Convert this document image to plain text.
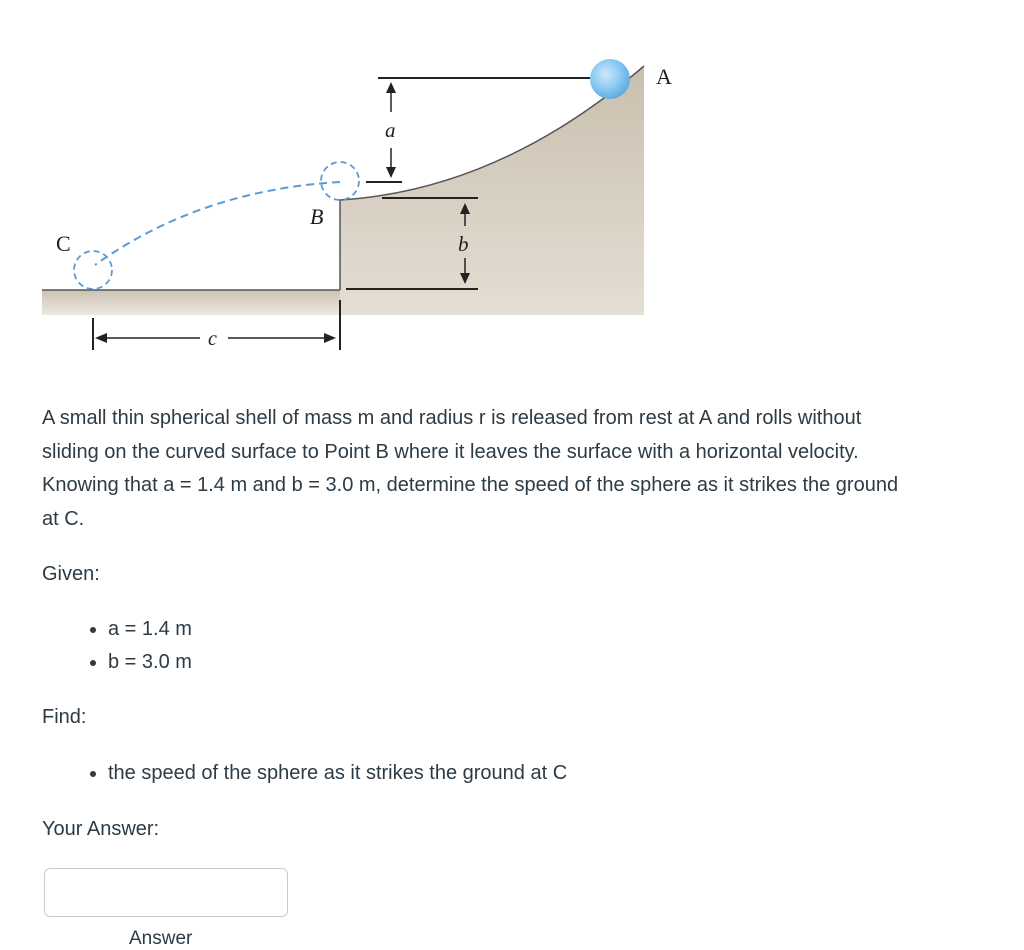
A
B
C
a
b
c

A small thin spherical shell of mass m and radius r is released from rest at A and rolls without sliding on the curved surface to Point B where it leaves the surface with a horizontal velocity. Knowing that a = 1.4 m and b = 3.0 m, determine the speed of the sphere as it strikes the ground at C.

Given:

• a = 1.4 m
• b = 3.0 m

Find:

• the speed of the sphere as it strikes the ground at C

Your Answer:

Answer
